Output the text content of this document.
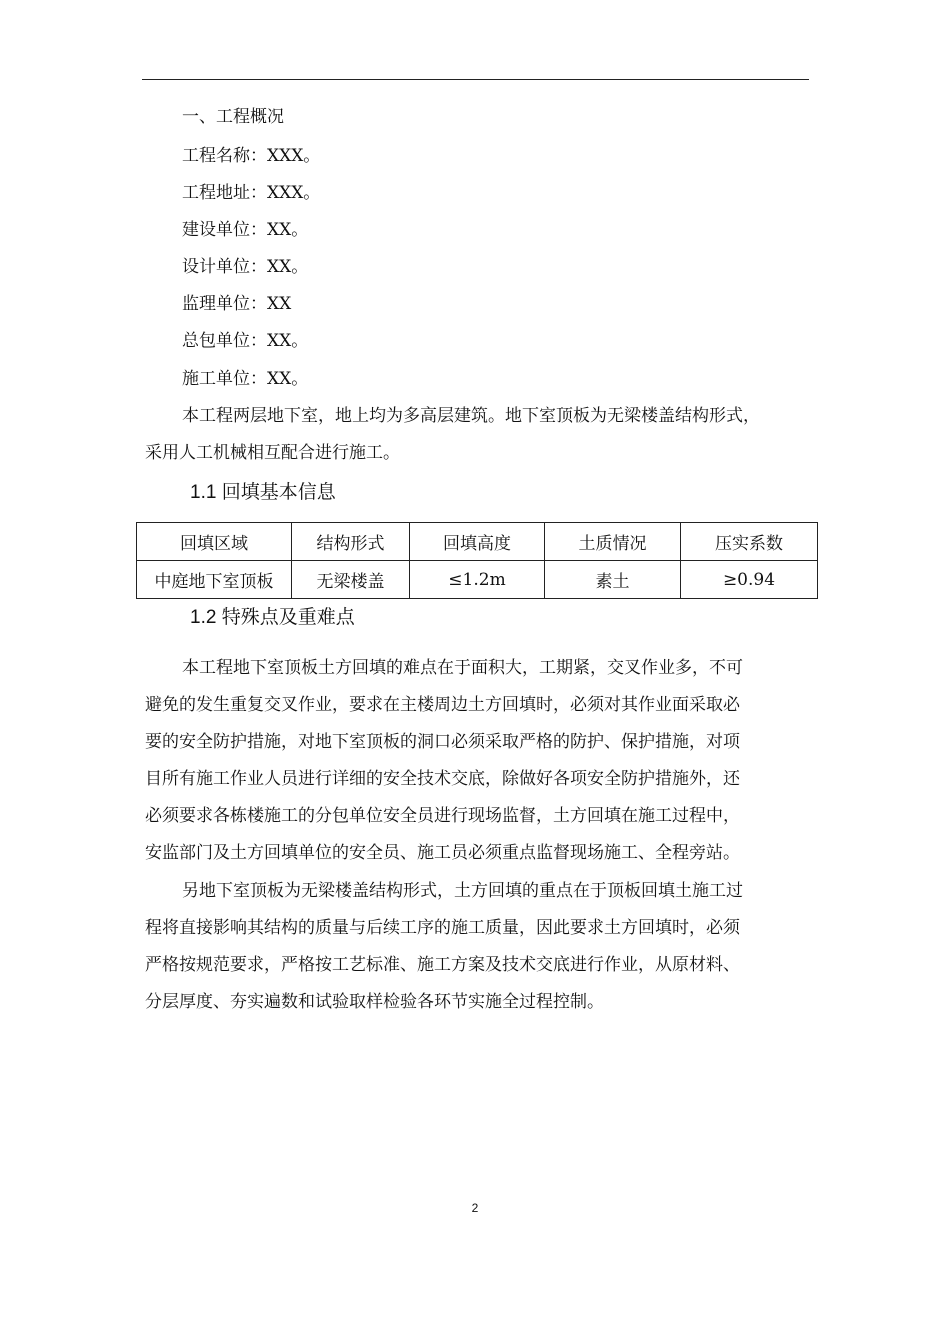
一、工程概况
工程名称：XXX。
工程地址：XXX。
建设单位：XX。
设计单位：XX。
监理单位：XX
总包单位：XX。
施工单位：XX。
本工程两层地下室，地上均为多高层建筑。地下室顶板为无梁楼盖结构形式，
采用人工机械相互配合进行施工。
1.1 回填基本信息
回填区域	结构形式	回填高度	土质情况	压实系数
中庭地下室顶板	无梁楼盖	≤1.2m	素土	≥0.94
1.2 特殊点及重难点
本工程地下室顶板土方回填的难点在于面积大，工期紧，交叉作业多，不可
避免的发生重复交叉作业，要求在主楼周边土方回填时，必须对其作业面采取必
要的安全防护措施，对地下室顶板的洞口必须采取严格的防护、保护措施，对项
目所有施工作业人员进行详细的安全技术交底，除做好各项安全防护措施外，还
必须要求各栋楼施工的分包单位安全员进行现场监督，土方回填在施工过程中，
安监部门及土方回填单位的安全员、施工员必须重点监督现场施工、全程旁站。
另地下室顶板为无梁楼盖结构形式，土方回填的重点在于顶板回填土施工过
程将直接影响其结构的质量与后续工序的施工质量，因此要求土方回填时，必须
严格按规范要求，严格按工艺标准、施工方案及技术交底进行作业，从原材料、
分层厚度、夯实遍数和试验取样检验各环节实施全过程控制。
2
